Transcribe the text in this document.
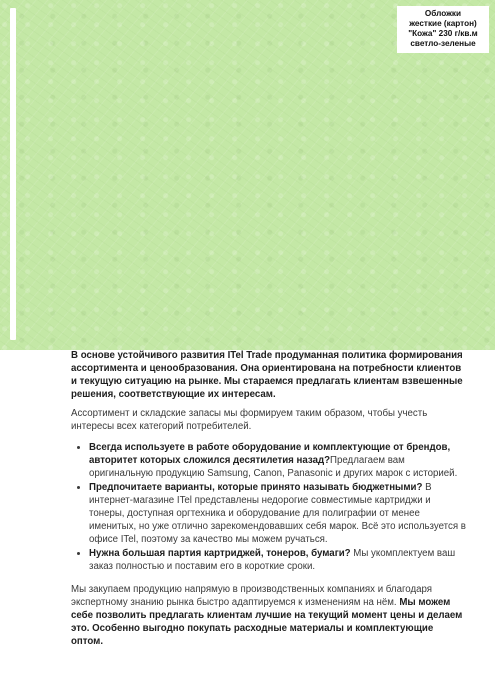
Обложки
жесткие (картон)
"Кожа" 230 г/кв.м
светло-зеленые

В основе устойчивого развития ITel Trade продуманная политика формирования ассортимента и ценообразования. Она ориентирована на потребности клиентов и текущую ситуацию на рынке. Мы стараемся предлагать клиентам взвешенные решения, соответствующие их интересам.

Ассортимент и складские запасы мы формируем таким образом, чтобы учесть интересы всех категорий потребителей.

• Всегда используете в работе оборудование и комплектующие от брендов, авторитет которых сложился десятилетия назад?Предлагаем вам оригинальную продукцию Samsung, Canon, Panasonic и других марок с историей.
• Предпочитаете варианты, которые принято называть бюджетными? В интернет-магазине ITel представлены недорогие совместимые картриджи и тонеры, доступная оргтехника и оборудование для полиграфии от менее именитых, но уже отлично зарекомендовавших себя марок. Всё это используется в офисе ITel, поэтому за качество мы можем ручаться.
• Нужна большая партия картриджей, тонеров, бумаги? Мы укомплектуем ваш заказ полностью и поставим его в короткие сроки.

Мы закупаем продукцию напрямую в производственных компаниях и благодаря экспертному знанию рынка быстро адаптируемся к изменениям на нём. Мы можем себе позволить предлагать клиентам лучшие на текущий момент цены и делаем это. Особенно выгодно покупать расходные материалы и комплектующие оптом.
